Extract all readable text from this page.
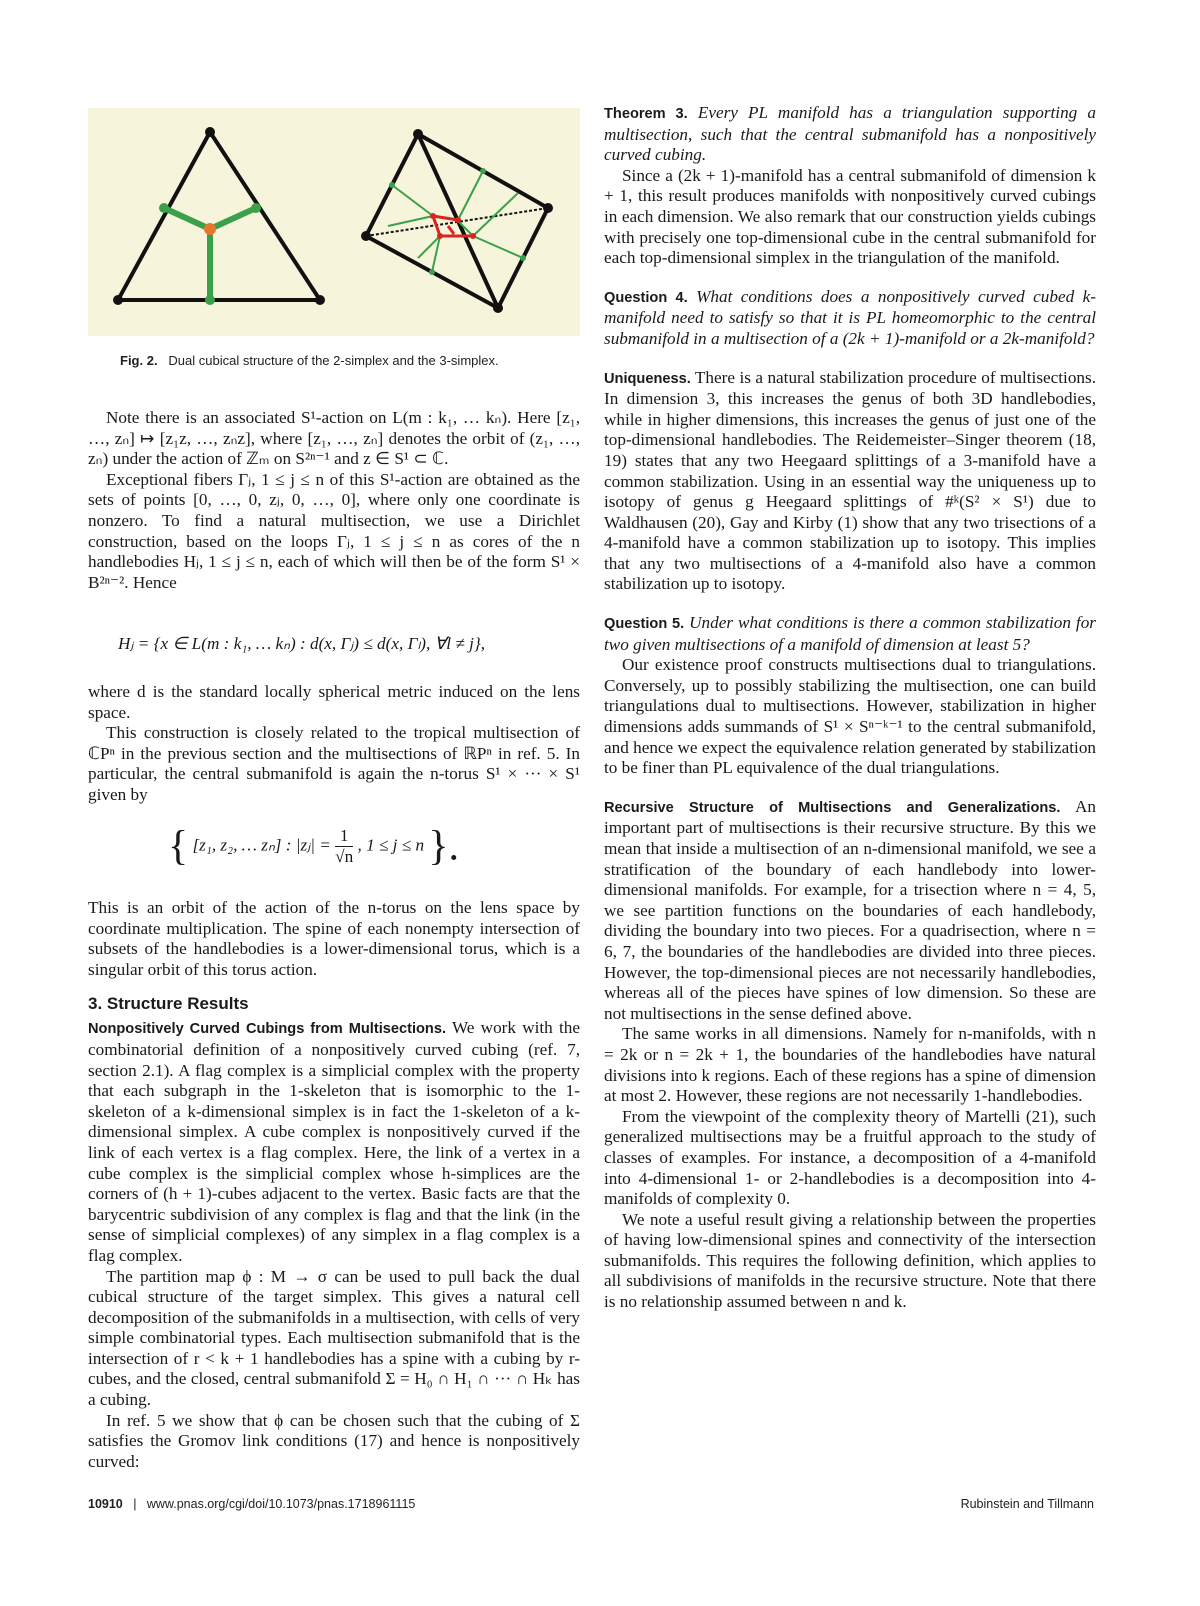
Fig. 2. Dual cubical structure of the 2-simplex and the 3-simplex.

Note there is an associated S¹-action on L(m : k₁, … kₙ). Here [z₁, …, zₙ] ↦ [z₁z, …, zₙz], where [z₁, …, zₙ] denotes the orbit of (z₁, …, zₙ) under the action of ℤₘ on S²ⁿ⁻¹ and z ∈ S¹ ⊂ ℂ.

Exceptional fibers Γⱼ, 1 ≤ j ≤ n of this S¹-action are obtained as the sets of points [0, …, 0, zⱼ, 0, …, 0], where only one coordinate is nonzero. To find a natural multisection, we use a Dirichlet construction, based on the loops Γⱼ, 1 ≤ j ≤ n as cores of the n handlebodies Hⱼ, 1 ≤ j ≤ n, each of which will then be of the form S¹ × B²ⁿ⁻². Hence

Hⱼ = {x ∈ L(m : k₁, … kₙ) : d(x, Γⱼ) ≤ d(x, Γₗ), ∀l ≠ j},

where d is the standard locally spherical metric induced on the lens space.

This construction is closely related to the tropical multisection of ℂPⁿ in the previous section and the multisections of ℝPⁿ in ref. 5. In particular, the central submanifold is again the n-torus S¹ × ··· × S¹ given by

{ [z₁, z₂, … zₙ] : |zⱼ| = $\frac{1}{√n}$ , 1 ≤ j ≤ n }.

This is an orbit of the action of the n-torus on the lens space by coordinate multiplication. The spine of each nonempty intersection of subsets of the handlebodies is a lower-dimensional torus, which is a singular orbit of this torus action.

3. Structure Results

Nonpositively Curved Cubings from Multisections. We work with the combinatorial definition of a nonpositively curved cubing (ref. 7, section 2.1). A flag complex is a simplicial complex with the property that each subgraph in the 1-skeleton that is isomorphic to the 1-skeleton of a k-dimensional simplex is in fact the 1-skeleton of a k-dimensional simplex. A cube complex is nonpositively curved if the link of each vertex is a flag complex. Here, the link of a vertex in a cube complex is the simplicial complex whose h-simplices are the corners of (h + 1)-cubes adjacent to the vertex. Basic facts are that the barycentric subdivision of any complex is flag and that the link (in the sense of simplicial complexes) of any simplex in a flag complex is a flag complex.

The partition map ϕ : M → σ can be used to pull back the dual cubical structure of the target simplex. This gives a natural cell decomposition of the submanifolds in a multisection, with cells of very simple combinatorial types. Each multisection submanifold that is the intersection of r < k + 1 handlebodies has a spine with a cubing by r-cubes, and the closed, central submanifold Σ = H₀ ∩ H₁ ∩ ··· ∩ Hₖ has a cubing.

In ref. 5 we show that ϕ can be chosen such that the cubing of Σ satisfies the Gromov link conditions (17) and hence is nonpositively curved:

Theorem 3. Every PL manifold has a triangulation supporting a multisection, such that the central submanifold has a nonpositively curved cubing.

Since a (2k + 1)-manifold has a central submanifold of dimension k + 1, this result produces manifolds with nonpositively curved cubings in each dimension. We also remark that our construction yields cubings with precisely one top-dimensional cube in the central submanifold for each top-dimensional simplex in the triangulation of the manifold.

Question 4. What conditions does a nonpositively curved cubed k-manifold need to satisfy so that it is PL homeomorphic to the central submanifold in a multisection of a (2k + 1)-manifold or a 2k-manifold?

Uniqueness. There is a natural stabilization procedure of multisections. In dimension 3, this increases the genus of both 3D handlebodies, while in higher dimensions, this increases the genus of just one of the top-dimensional handlebodies. The Reidemeister–Singer theorem (18, 19) states that any two Heegaard splittings of a 3-manifold have a common stabilization. Using in an essential way the uniqueness up to isotopy of genus g Heegaard splittings of #ᵏ(S² × S¹) due to Waldhausen (20), Gay and Kirby (1) show that any two trisections of a 4-manifold have a common stabilization up to isotopy. This implies that any two multisections of a 4-manifold also have a common stabilization up to isotopy.

Question 5. Under what conditions is there a common stabilization for two given multisections of a manifold of dimension at least 5?

Our existence proof constructs multisections dual to triangulations. Conversely, up to possibly stabilizing the multisection, one can build triangulations dual to multisections. However, stabilization in higher dimensions adds summands of S¹ × Sⁿ⁻ᵏ⁻¹ to the central submanifold, and hence we expect the equivalence relation generated by stabilization to be finer than PL equivalence of the dual triangulations.

Recursive Structure of Multisections and Generalizations. An important part of multisections is their recursive structure. By this we mean that inside a multisection of an n-dimensional manifold, we see a stratification of the boundary of each handlebody into lower-dimensional manifolds. For example, for a trisection where n = 4, 5, we see partition functions on the boundaries of each handlebody, dividing the boundary into two pieces. For a quadrisection, where n = 6, 7, the boundaries of the handlebodies are divided into three pieces. However, the top-dimensional pieces are not necessarily handlebodies, whereas all of the pieces have spines of low dimension. So these are not multisections in the sense defined above.

The same works in all dimensions. Namely for n-manifolds, with n = 2k or n = 2k + 1, the boundaries of the handlebodies have natural divisions into k regions. Each of these regions has a spine of dimension at most 2. However, these regions are not necessarily 1-handlebodies.

From the viewpoint of the complexity theory of Martelli (21), such generalized multisections may be a fruitful approach to the study of classes of examples. For instance, a decomposition of a 4-manifold into 4-dimensional 1- or 2-handlebodies is a decomposition into 4-manifolds of complexity 0.

We note a useful result giving a relationship between the properties of having low-dimensional spines and connectivity of the intersection submanifolds. This requires the following definition, which applies to all subdivisions of manifolds in the recursive structure. Note that there is no relationship assumed between n and k.

10910 | www.pnas.org/cgi/doi/10.1073/pnas.1718961115	Rubinstein and Tillmann
